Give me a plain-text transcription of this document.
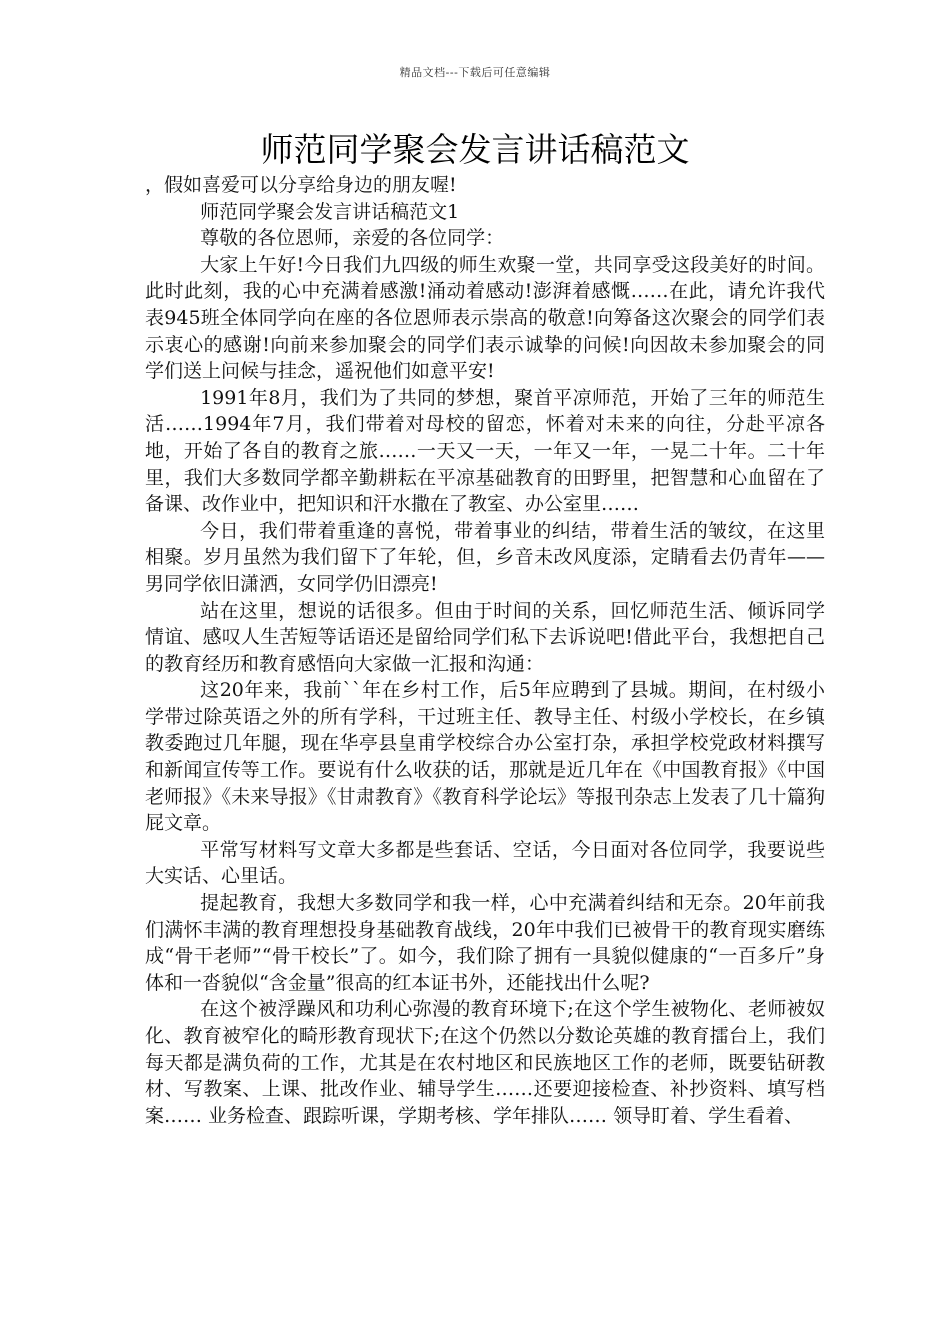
精品文档---下载后可任意编辑
师范同学聚会发言讲话稿范文

，假如喜爱可以分享给身边的朋友喔!

师范同学聚会发言讲话稿范文1

尊敬的各位恩师，亲爱的各位同学：

大家上午好!今日我们九四级的师生欢聚一堂，共同享受这段美好的时间。此时此刻，我的心中充满着感激!涌动着感动!澎湃着感慨……在此，请允许我代表945班全体同学向在座的各位恩师表示崇高的敬意!向筹备这次聚会的同学们表示衷心的感谢!向前来参加聚会的同学们表示诚挚的问候!向因故未参加聚会的同学们送上问候与挂念，遥祝他们如意平安!

1991年8月，我们为了共同的梦想，聚首平凉师范，开始了三年的师范生活……1994年7月，我们带着对母校的留恋，怀着对未来的向往，分赴平凉各地，开始了各自的教育之旅……一天又一天，一年又一年，一晃二十年。二十年里，我们大多数同学都辛勤耕耘在平凉基础教育的田野里，把智慧和心血留在了备课、改作业中，把知识和汗水撒在了教室、办公室里……

今日，我们带着重逢的喜悦，带着事业的纠结，带着生活的皱纹，在这里相聚。岁月虽然为我们留下了年轮，但，乡音未改风度添，定睛看去仍青年——男同学依旧潇洒，女同学仍旧漂亮!

站在这里，想说的话很多。但由于时间的关系，回忆师范生活、倾诉同学情谊、感叹人生苦短等话语还是留给同学们私下去诉说吧!借此平台，我想把自己的教育经历和教育感悟向大家做一汇报和沟通：

这20年来，我前``年在乡村工作，后5年应聘到了县城。期间，在村级小学带过除英语之外的所有学科，干过班主任、教导主任、村级小学校长，在乡镇教委跑过几年腿，现在华亭县皇甫学校综合办公室打杂，承担学校党政材料撰写和新闻宣传等工作。要说有什么收获的话，那就是近几年在《中国教育报》《中国老师报》《未来导报》《甘肃教育》《教育科学论坛》等报刊杂志上发表了几十篇狗屁文章。

平常写材料写文章大多都是些套话、空话，今日面对各位同学，我要说些大实话、心里话。

提起教育，我想大多数同学和我一样，心中充满着纠结和无奈。20年前我们满怀丰满的教育理想投身基础教育战线，20年中我们已被骨干的教育现实磨练成“骨干老师”“骨干校长”了。如今，我们除了拥有一具貌似健康的“一百多斤”身体和一沓貌似“含金量”很高的红本证书外，还能找出什么呢?

在这个被浮躁风和功利心弥漫的教育环境下;在这个学生被物化、老师被奴化、教育被窄化的畸形教育现状下;在这个仍然以分数论英雄的教育擂台上，我们每天都是满负荷的工作，尤其是在农村地区和民族地区工作的老师，既要钻研教材、写教案、上课、批改作业、辅导学生……还要迎接检查、补抄资料、填写档案…… 业务检查、跟踪听课，学期考核、学年排队…… 领导盯着、学生看着、
